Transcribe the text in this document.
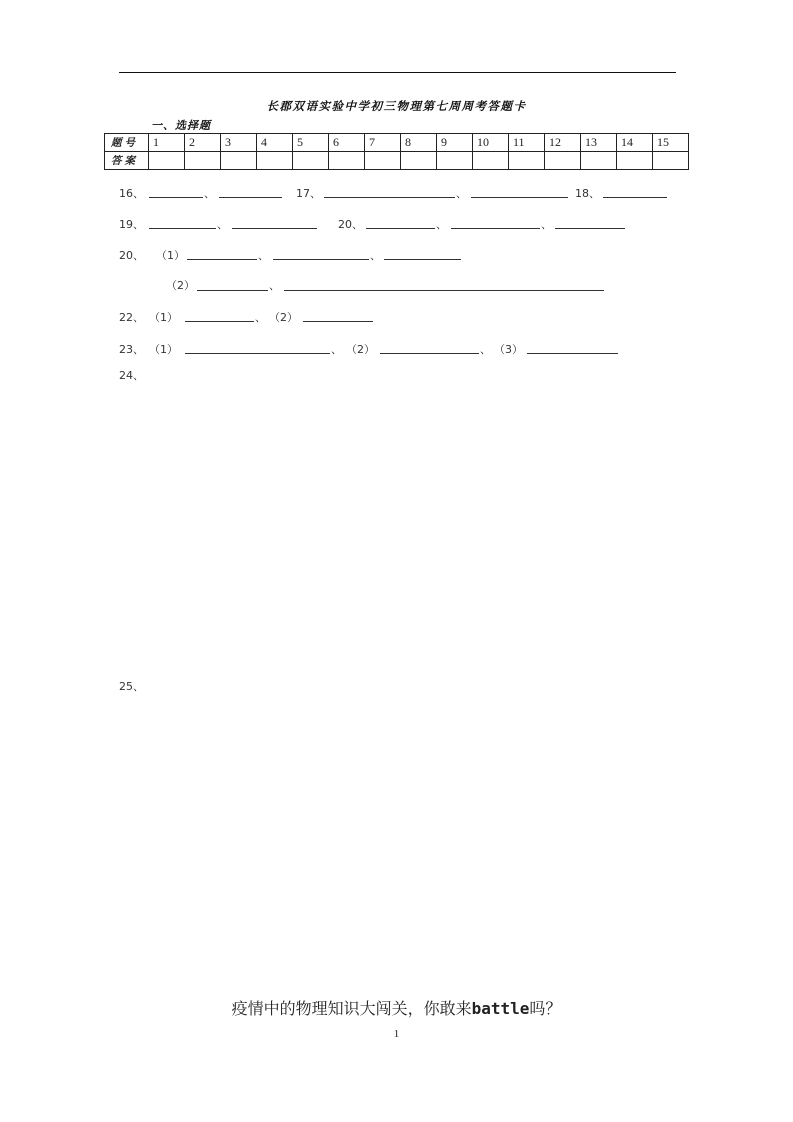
长郡双语实验中学初三物理第七周周考答题卡
一、选择题
题号	1	2	3	4	5	6	7	8	9	10	11	12	13	14	15
答案															
16、	、	17、	、	18、
19、	、	20、	、	、
20、 （1）	、	、
（2）	、
22、 （1）	、 （2）
23、 （1）	、 （2）	、 （3）
24、
25、
疫情中的物理知识大闯关，你敢来battle吗？
1
